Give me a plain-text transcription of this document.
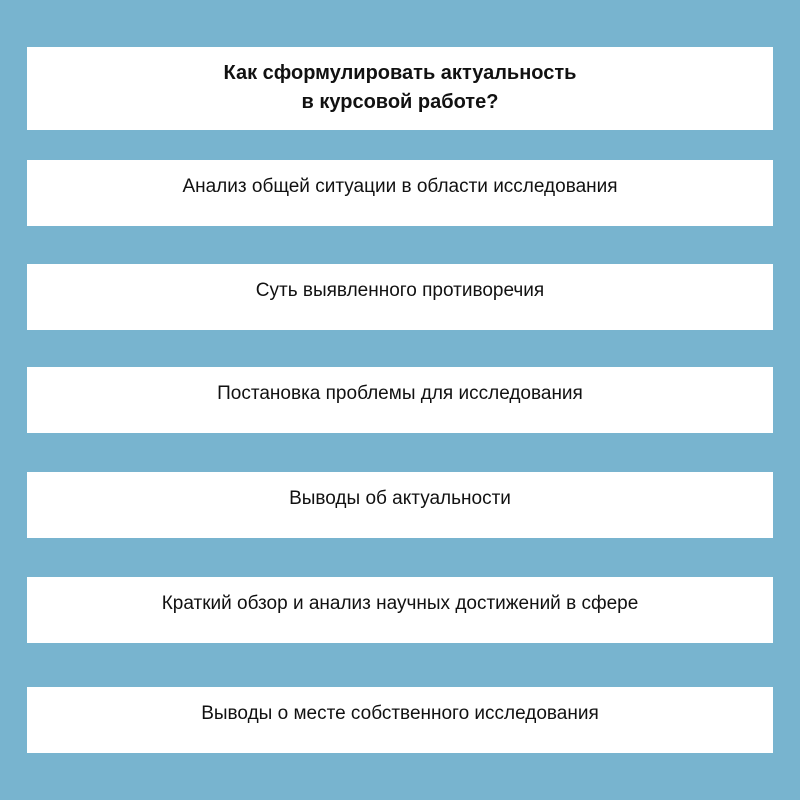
Как сформулировать актуальность
в курсовой работе?
Анализ общей ситуации в области исследования
Суть выявленного противоречия
Постановка проблемы для исследования
Выводы об актуальности
Краткий обзор и анализ научных достижений в сфере
Выводы о месте собственного исследования
